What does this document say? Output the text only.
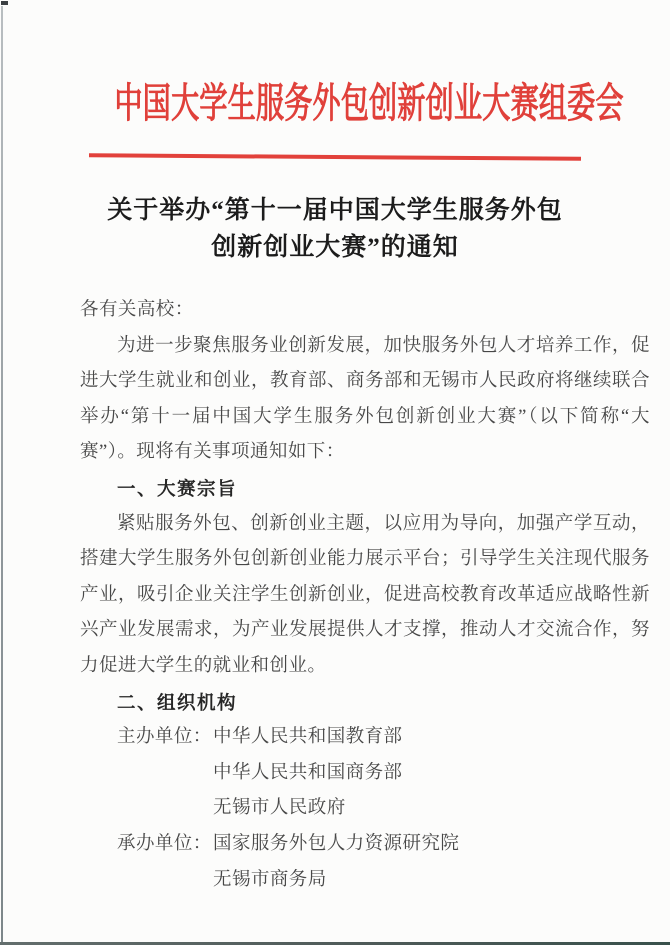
中国大学生服务外包创新创业大赛组委会
关于举办“第十一届中国大学生服务外包
创新创业大赛”的通知

各有关高校：

为进一步聚焦服务业创新发展，加快服务外包人才培养工作，促进大学生就业和创业，教育部、商务部和无锡市人民政府将继续联合举办“第十一届中国大学生服务外包创新创业大赛”（以下简称“大赛”）。现将有关事项通知如下：

一、大赛宗旨

紧贴服务外包、创新创业主题，以应用为导向，加强产学互动，搭建大学生服务外包创新创业能力展示平台；引导学生关注现代服务产业，吸引企业关注学生创新创业，促进高校教育改革适应战略性新兴产业发展需求，为产业发展提供人才支撑，推动人才交流合作，努力促进大学生的就业和创业。

二、组织机构

主办单位： 中华人民共和国教育部
中华人民共和国商务部
无锡市人民政府
承办单位： 国家服务外包人力资源研究院
无锡市商务局
